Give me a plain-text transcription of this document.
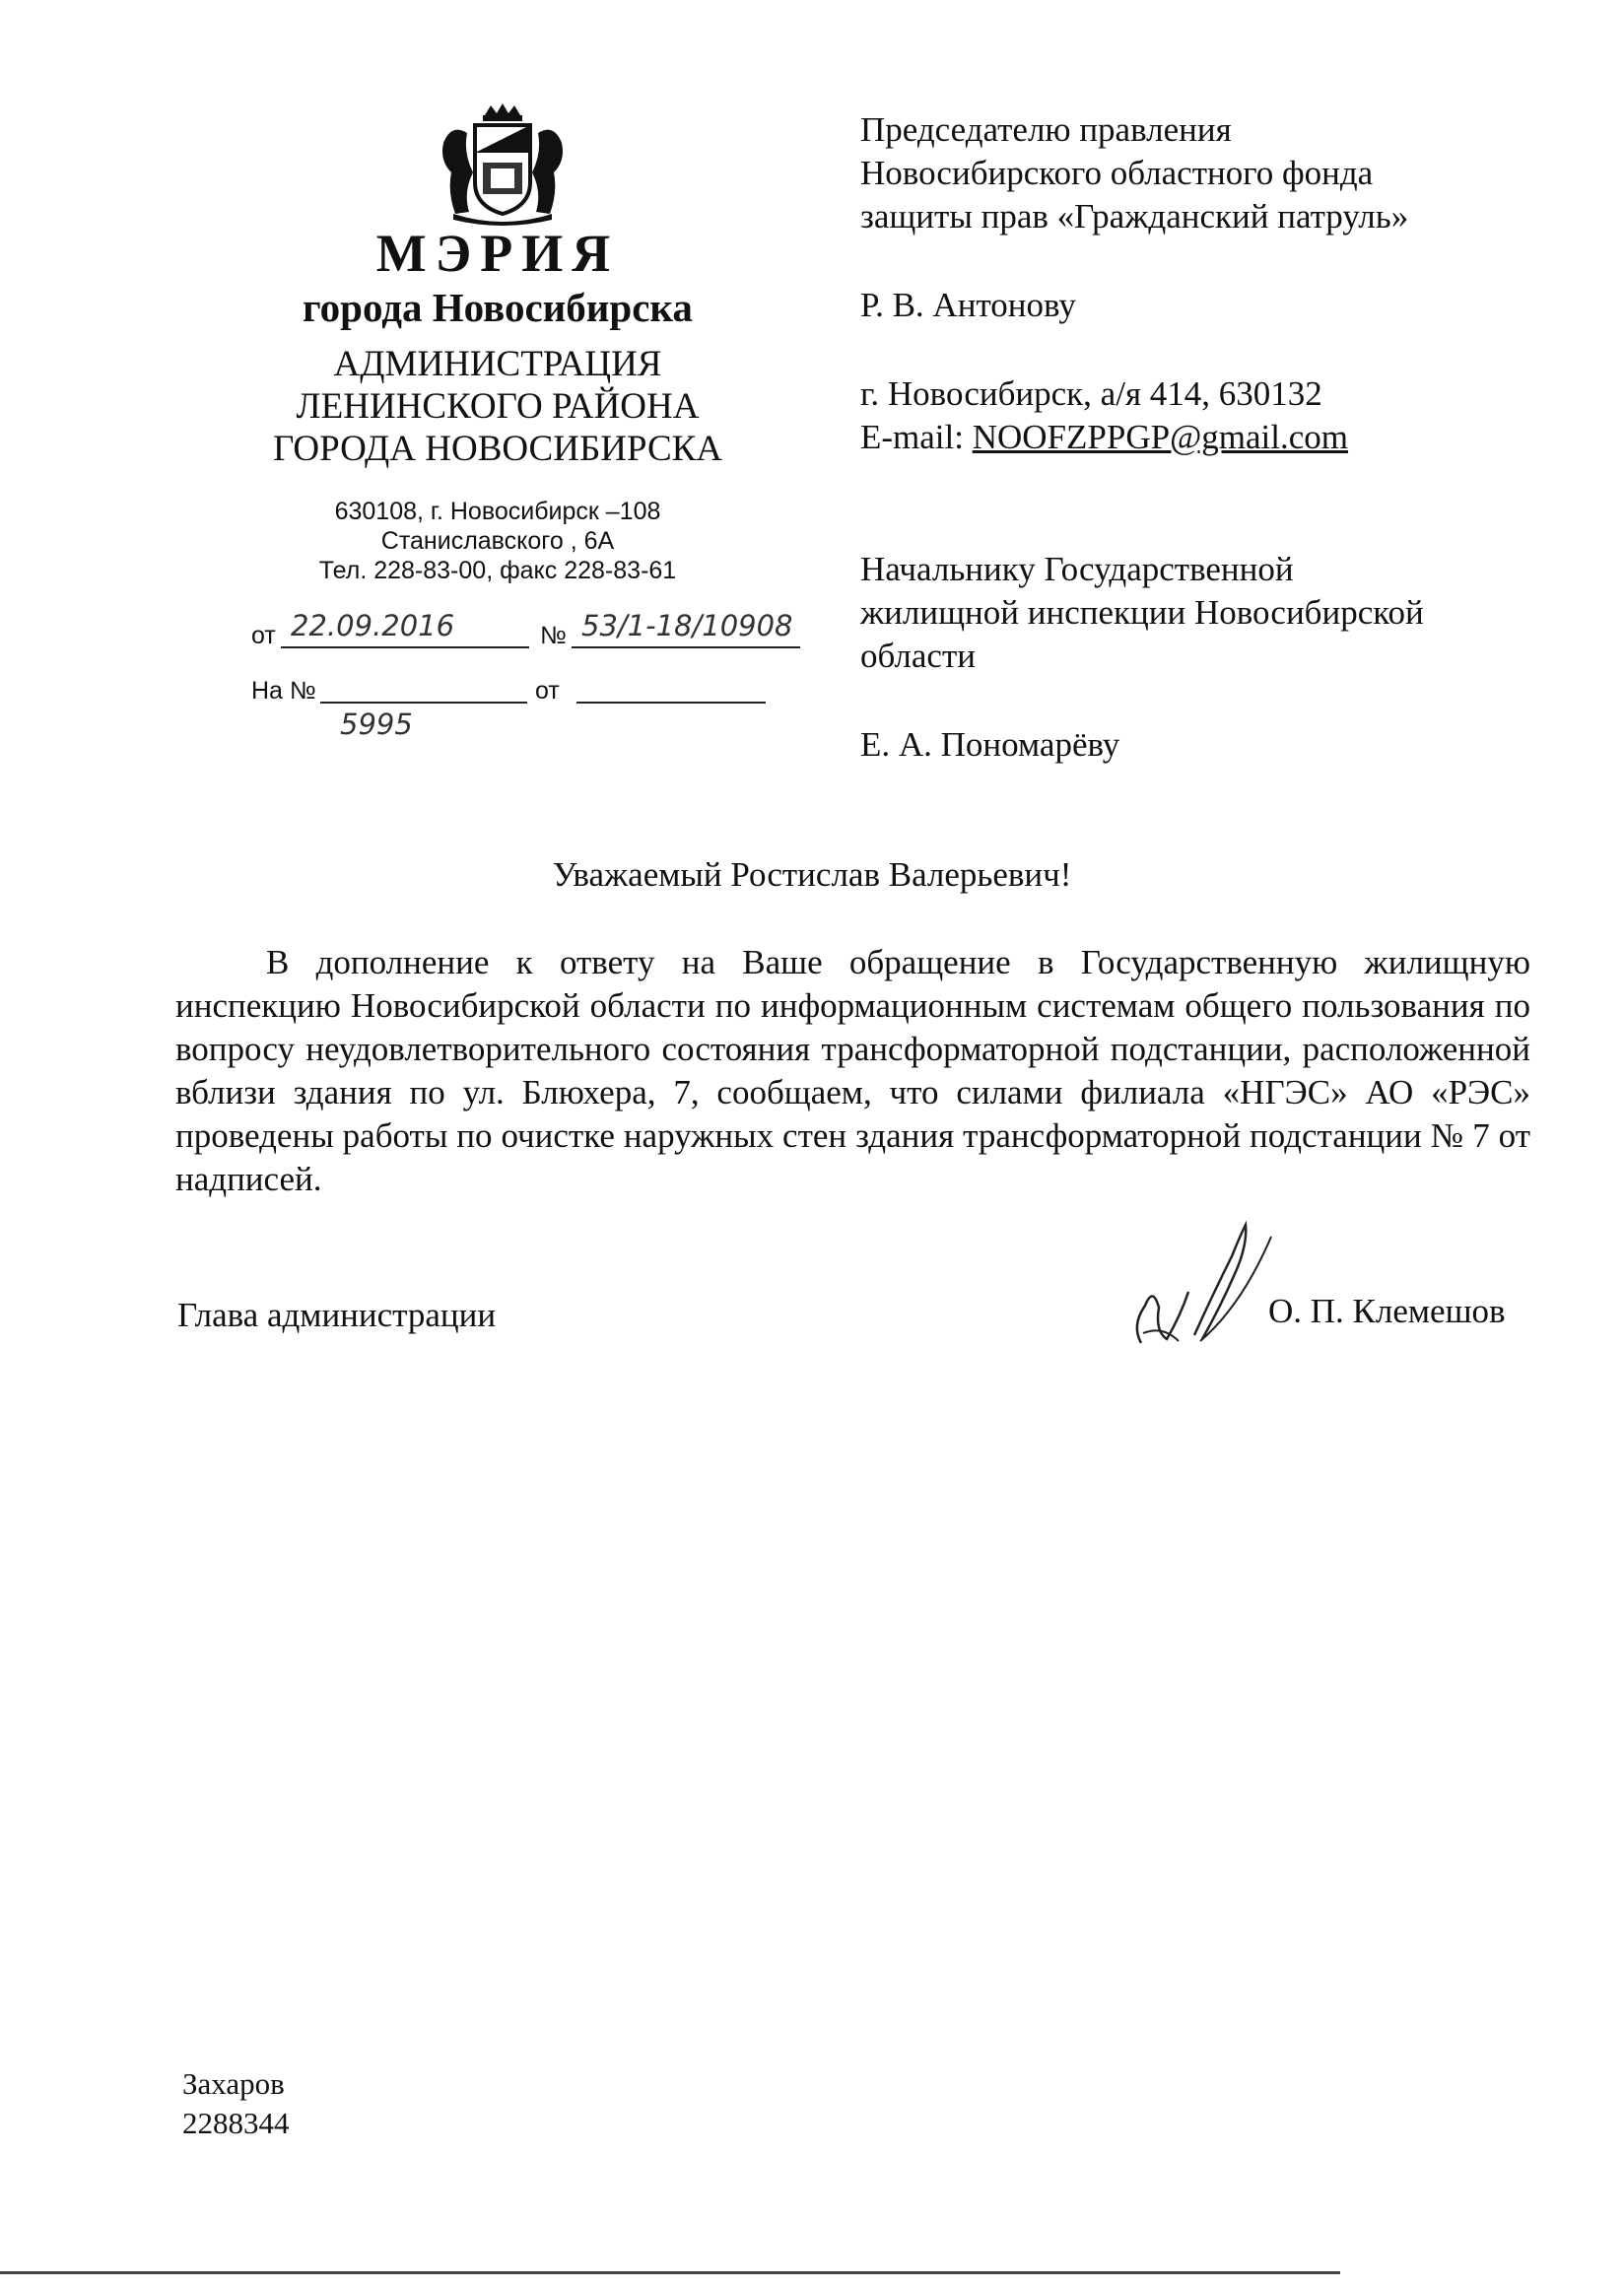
МЭРИЯ
города Новосибирска
АДМИНИСТРАЦИЯ
ЛЕНИНСКОГО РАЙОНА
ГОРОДА НОВОСИБИРСКА
630108, г. Новосибирск –108
Станиславского , 6А
Тел. 228-83-00, факс 228-83-61
от 22.09.2016	№ 53/1-18/10908
На №	от
5995
Председателю правления
Новосибирского областного фонда
защиты прав «Гражданский патруль»
Р. В. Антонову
г. Новосибирск, а/я 414, 630132
E-mail: NOOFZPPGP@gmail.com
Начальнику Государственной
жилищной инспекции Новосибирской
области
Е. А. Пономарёву
Уважаемый Ростислав Валерьевич!
В дополнение к ответу на Ваше обращение в Государственную жилищную инспекцию Новосибирской области по информационным системам общего пользования по вопросу неудовлетворительного состояния трансформаторной подстанции, расположенной вблизи здания по ул. Блюхера, 7, сообщаем, что силами филиала «НГЭС» АО «РЭС» проведены работы по очистке наружных стен здания трансформаторной подстанции № 7 от надписей.
Глава администрации	О. П. Клемешов
Захаров
2288344
